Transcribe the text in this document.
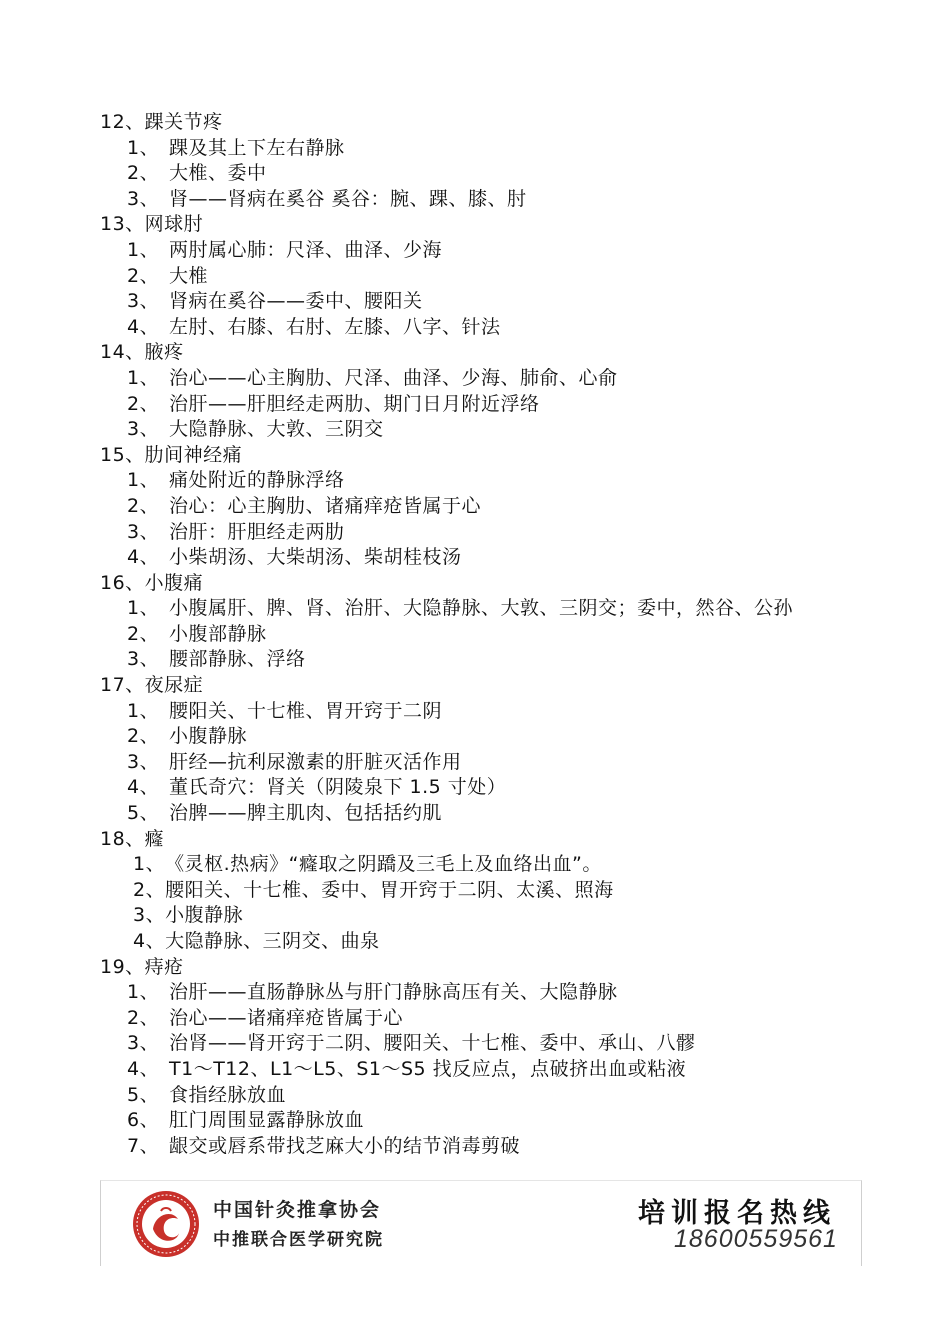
12、踝关节疼
1、 踝及其上下左右静脉
2、 大椎、委中
3、 肾——肾病在奚谷 奚谷：腕、踝、膝、肘
13、网球肘
1、 两肘属心肺：尺泽、曲泽、少海
2、 大椎
3、 肾病在奚谷——委中、腰阳关
4、 左肘、右膝、右肘、左膝、八字、针法
14、腋疼
1、 治心——心主胸肋、尺泽、曲泽、少海、肺俞、心俞
2、 治肝——肝胆经走两肋、期门日月附近浮络
3、 大隐静脉、大敦、三阴交
15、肋间神经痛
1、 痛处附近的静脉浮络
2、 治心：心主胸肋、诸痛痒疮皆属于心
3、 治肝：肝胆经走两肋
4、 小柴胡汤、大柴胡汤、柴胡桂枝汤
16、小腹痛
1、 小腹属肝、脾、肾、治肝、大隐静脉、大敦、三阴交；委中，然谷、公孙
2、 小腹部静脉
3、 腰部静脉、浮络
17、夜尿症
1、 腰阳关、十七椎、胃开窍于二阴
2、 小腹静脉
3、 肝经—抗利尿激素的肝脏灭活作用
4、 董氏奇穴：肾关（阴陵泉下 1.5 寸处）
5、 治脾——脾主肌肉、包括括约肌
18、癃
1、《灵枢.热病》“癃取之阴蹻及三毛上及血络出血”。
2、腰阳关、十七椎、委中、胃开窍于二阴、太溪、照海
3、小腹静脉
4、大隐静脉、三阴交、曲泉
19、痔疮
1、 治肝——直肠静脉丛与肝门静脉高压有关、大隐静脉
2、 治心——诸痛痒疮皆属于心
3、 治肾——肾开窍于二阴、腰阳关、十七椎、委中、承山、八髎
4、 T1～T12、L1～L5、S1～S5 找反应点，点破挤出血或粘液
5、 食指经脉放血
6、 肛门周围显露静脉放血
7、 龈交或唇系带找芝麻大小的结节消毒剪破
中国针灸推拿协会
中推联合医学研究院
培训报名热线
18600559561
